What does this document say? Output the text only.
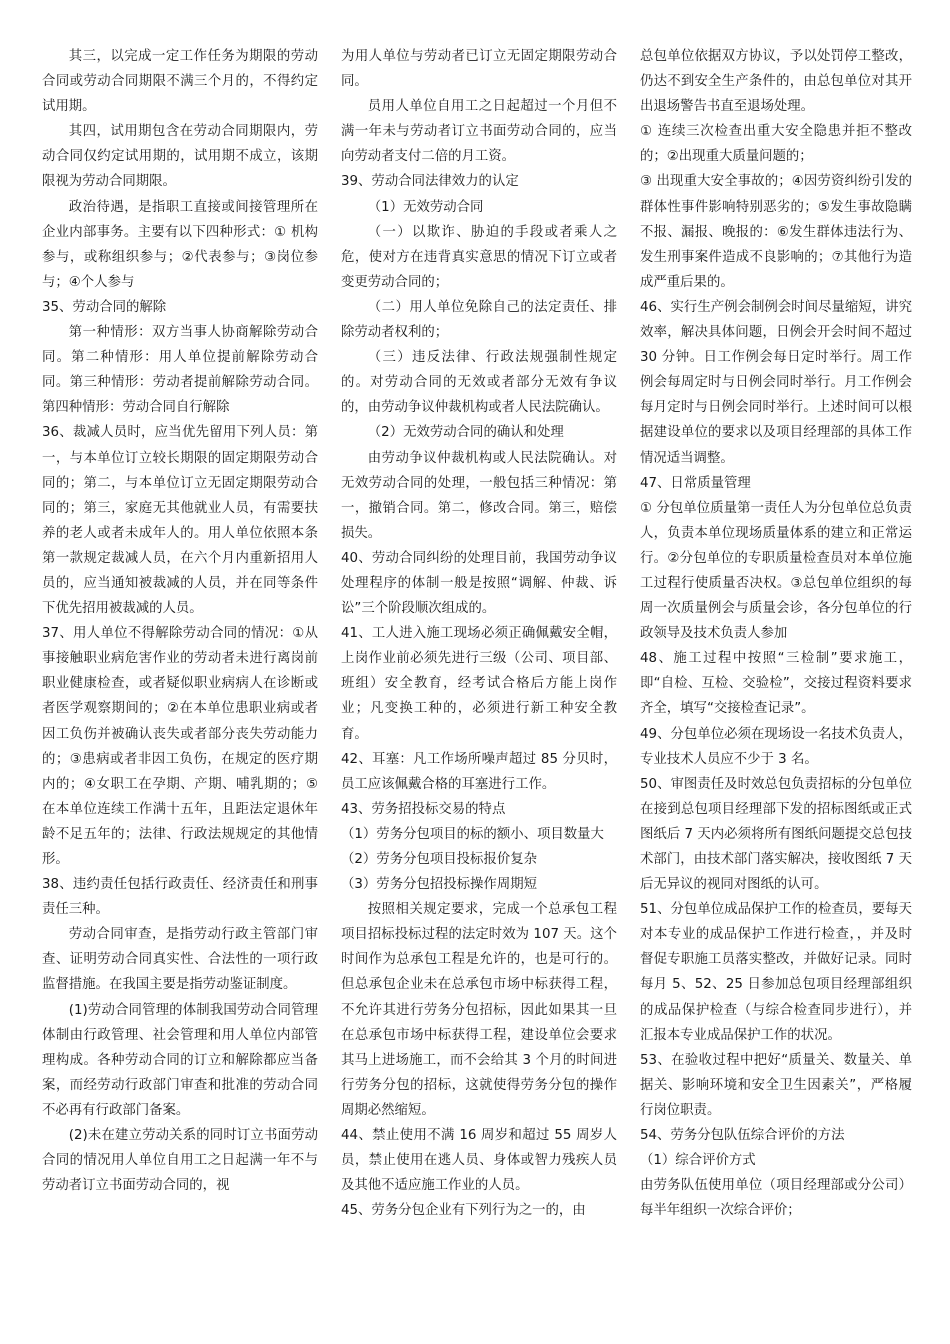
其三，以完成一定工作任务为期限的劳动合同或劳动合同期限不满三个月的，不得约定试用期。

其四，试用期包含在劳动合同期限内，劳动合同仅约定试用期的，试用期不成立，该期限视为劳动合同期限。

政治待遇，是指职工直接或间接管理所在企业内部事务。主要有以下四种形式：① 机构参与，或称组织参与；②代表参与；③岗位参与；④个人参与

35、劳动合同的解除

第一种情形：双方当事人协商解除劳动合同。第二种情形：用人单位提前解除劳动合同。第三种情形：劳动者提前解除劳动合同。第四种情形：劳动合同自行解除

36、裁减人员时，应当优先留用下列人员：第一，与本单位订立较长期限的固定期限劳动合同的；第二，与本单位订立无固定期限劳动合同的；第三，家庭无其他就业人员，有需要扶养的老人或者未成年人的。用人单位依照本条第一款规定裁减人员，在六个月内重新招用人员的，应当通知被裁减的人员，并在同等条件下优先招用被裁减的人员。

37、用人单位不得解除劳动合同的情况：①从事接触职业病危害作业的劳动者未进行离岗前职业健康检查，或者疑似职业病病人在诊断或者医学观察期间的；②在本单位患职业病或者因工负伤并被确认丧失或者部分丧失劳动能力的；③患病或者非因工负伤，在规定的医疗期内的；④女职工在孕期、产期、哺乳期的；⑤在本单位连续工作满十五年，且距法定退休年龄不足五年的；法律、行政法规规定的其他情形。

38、违约责任包括行政责任、经济责任和刑事责任三种。

劳动合同审查，是指劳动行政主管部门审查、证明劳动合同真实性、合法性的一项行政监督措施。在我国主要是指劳动鉴证制度。

(1)劳动合同管理的体制我国劳动合同管理体制由行政管理、社会管理和用人单位内部管理构成。各种劳动合同的订立和解除都应当备案，而经劳动行政部门审查和批准的劳动合同不必再有行政部门备案。

(2)未在建立劳动关系的同时订立书面劳动合同的情况用人单位自用工之日起满一年不与劳动者订立书面劳动合同的，视

为用人单位与劳动者已订立无固定期限劳动合同。

员用人单位自用工之日起超过一个月但不满一年未与劳动者订立书面劳动合同的，应当向劳动者支付二倍的月工资。

39、劳动合同法律效力的认定

（1）无效劳动合同

（一）以欺诈、胁迫的手段或者乘人之危，使对方在违背真实意思的情况下订立或者变更劳动合同的；

（二）用人单位免除自己的法定责任、排除劳动者权利的；

（三）违反法律、行政法规强制性规定的。对劳动合同的无效或者部分无效有争议的，由劳动争议仲裁机构或者人民法院确认。

（2）无效劳动合同的确认和处理

由劳动争议仲裁机构或人民法院确认。对无效劳动合同的处理，一般包括三种情况：第一，撤销合同。第二，修改合同。第三，赔偿损失。

40、劳动合同纠纷的处理目前，我国劳动争议处理程序的体制一般是按照“调解、仲裁、诉讼”三个阶段顺次组成的。

41、工人进入施工现场必须正确佩戴安全帽，上岗作业前必须先进行三级（公司、项目部、班组）安全教育，经考试合格后方能上岗作业；凡变换工种的，必须进行新工种安全教育。

42、耳塞：凡工作场所噪声超过 85 分贝时，员工应该佩戴合格的耳塞进行工作。

43、劳务招投标交易的特点

（1）劳务分包项目的标的额小、项目数量大

（2）劳务分包项目投标报价复杂

（3）劳务分包招投标操作周期短

按照相关规定要求，完成一个总承包工程项目招标投标过程的法定时效为 107 天。这个时间作为总承包工程是允许的，也是可行的。但总承包企业未在总承包市场中标获得工程，不允许其进行劳务分包招标，因此如果其一旦在总承包市场中标获得工程，建设单位会要求其马上进场施工，而不会给其 3 个月的时间进行劳务分包的招标，这就使得劳务分包的操作周期必然缩短。

44、禁止使用不满 16 周岁和超过 55 周岁人员，禁止使用在逃人员、身体或智力残疾人员及其他不适应施工作业的人员。

45、劳务分包企业有下列行为之一的，由

总包单位依据双方协议，予以处罚停工整改，仍达不到安全生产条件的，由总包单位对其开出退场警告书直至退场处理。

① 连续三次检查出重大安全隐患并拒不整改的；②出现重大质量问题的；

③ 出现重大安全事故的；④因劳资纠纷引发的群体性事件影响特别恶劣的；⑤发生事故隐瞒不报、漏报、晚报的：⑥发生群体违法行为、发生刑事案件造成不良影响的；⑦其他行为造成严重后果的。

46、实行生产例会制例会时间尽量缩短，讲究效率，解决具体问题，日例会开会时间不超过 30 分钟。日工作例会每日定时举行。周工作例会每周定时与日例会同时举行。月工作例会每月定时与日例会同时举行。上述时间可以根据建设单位的要求以及项目经理部的具体工作情况适当调整。

47、日常质量管理

① 分包单位质量第一责任人为分包单位总负责人，负责本单位现场质量体系的建立和正常运行。②分包单位的专职质量检查员对本单位施工过程行使质量否决权。③总包单位组织的每周一次质量例会与质量会诊，各分包单位的行政领导及技术负责人参加

48、施工过程中按照“三检制”要求施工，即“自检、互检、交验检”，交接过程资料要求齐全，填写“交接检查记录”。

49、分包单位必须在现场设一名技术负责人，专业技术人员应不少于 3 名。

50、审图责任及时效总包负责招标的分包单位在接到总包项目经理部下发的招标图纸或正式图纸后 7 天内必须将所有图纸问题提交总包技术部门，由技术部门落实解决，接收图纸 7 天后无异议的视同对图纸的认可。

51、分包单位成品保护工作的检查员，要每天对本专业的成品保护工作进行检查，，并及时督促专职施工员落实整改，并做好记录。同时每月 5、52、25 日参加总包项目经理部组织的成品保护检查（与综合检查同步进行），并汇报本专业成品保护工作的状况。

53、在验收过程中把好“质量关、数量关、单据关、影响环境和安全卫生因素关”，严格履行岗位职责。

54、劳务分包队伍综合评价的方法

（1）综合评价方式

由劳务队伍使用单位（项目经理部或分公司）每半年组织一次综合评价；
